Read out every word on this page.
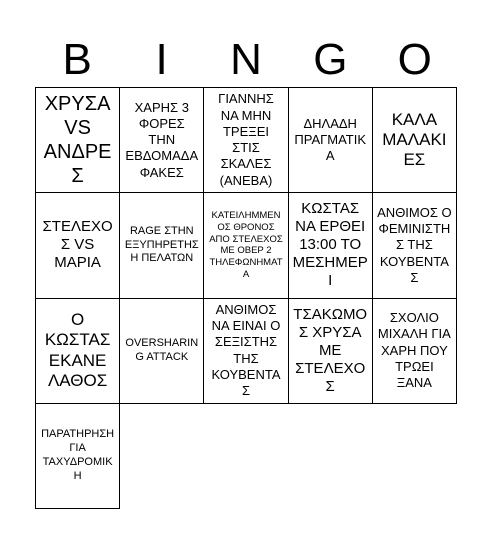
B	I	N	G	O
ΧΡΥΣΑ VS ΑΝΔΡΕΣ
ΧΑΡΗΣ 3 ΦΟΡΕΣ ΤΗΝ ΕΒΔΟΜΑΔΑ ΦΑΚΕΣ
ΓΙΑΝΝΗΣ ΝΑ ΜΗΝ ΤΡΕΞΕΙ ΣΤΙΣ ΣΚΑΛΕΣ (ΑΝΕΒΑ)
ΔΗΛΑΔΗ ΠΡΑΓΜΑΤΙΚΑ
ΚΑΛΑ ΜΑΛΑΚΙΕΣ
ΣΤΕΛΕΧΟΣ VS ΜΑΡΙΑ
RAGE ΣΤΗΝ ΕΞΥΠΗΡΕΤΗΣΗ ΠΕΛΑΤΩΝ
ΚΑΤΕΙΛΗΜΜΕΝΟΣ ΘΡΟΝΟΣ ΑΠΟ ΣΤΕΛΕΧΟΣ ΜΕ ΟΒΕΡ 2 ΤΗΛΕΦΩΝΗΜΑΤΑ
ΚΩΣΤΑΣ ΝΑ ΕΡΘΕΙ 13:00 ΤΟ ΜΕΣΗΜΕΡΙ
ΑΝΘΙΜΟΣ Ο ΦΕΜΙΝΙΣΤΗΣ ΤΗΣ ΚΟΥΒΕΝΤΑΣ
Ο ΚΩΣΤΑΣ ΕΚΑΝΕ ΛΑΘΟΣ
OVERSHARING ATTACK
ΑΝΘΙΜΟΣ ΝΑ ΕΙΝΑΙ Ο ΣΕΞΙΣΤΗΣ ΤΗΣ ΚΟΥΒΕΝΤΑΣ
ΤΣΑΚΩΜΟΣ ΧΡΥΣΑ ΜΕ ΣΤΕΛΕΧΟΣ
ΣΧΟΛΙΟ ΜΙΧΑΛΗ ΓΙΑ ΧΑΡΗ ΠΟΥ ΤΡΩΕΙ ΞΑΝΑ
ΠΑΡΑΤΗΡΗΣΗ ΓΙΑ ΤΑΧΥΔΡΟΜΙΚΗ
